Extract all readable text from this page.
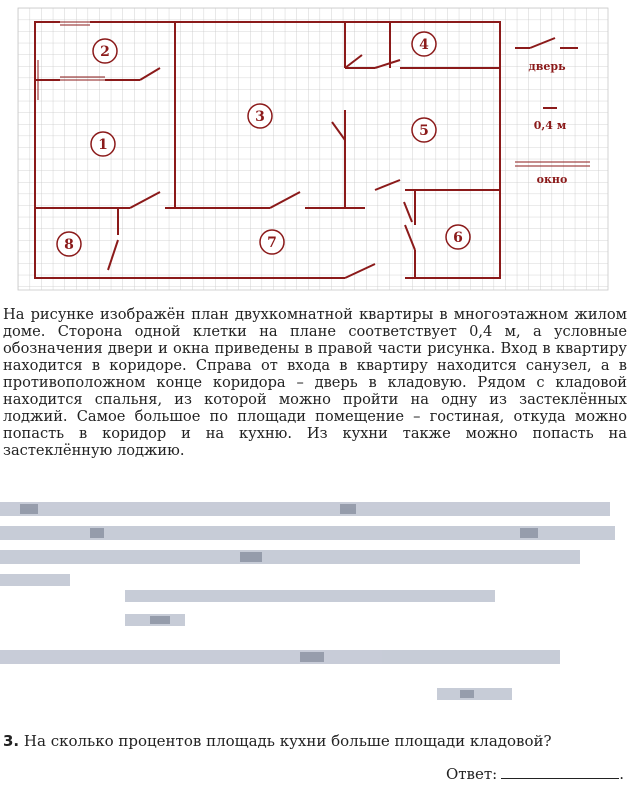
2
1
3
4
5
6
7
8
дверь
0,4 м
окно

На рисунке изображён план двухкомнатной квартиры в многоэтажном жилом доме. Сторона одной клетки на плане соответствует 0,4 м, а условные обозначения двери и окна приведены в правой части рисунка. Вход в квартиру находится в коридоре. Справа от входа в квартиру находится санузел, а в противоположном конце коридора – дверь в кладовую. Рядом с кладовой находится спальня, из которой можно пройти на одну из застеклённых лоджий. Самое большое по площади помещение – гостиная, откуда можно попасть в коридор и на кухню. Из кухни также можно попасть на застеклённую лоджию.

3. На сколько процентов площадь кухни больше площади кладовой?
Ответ:	.
